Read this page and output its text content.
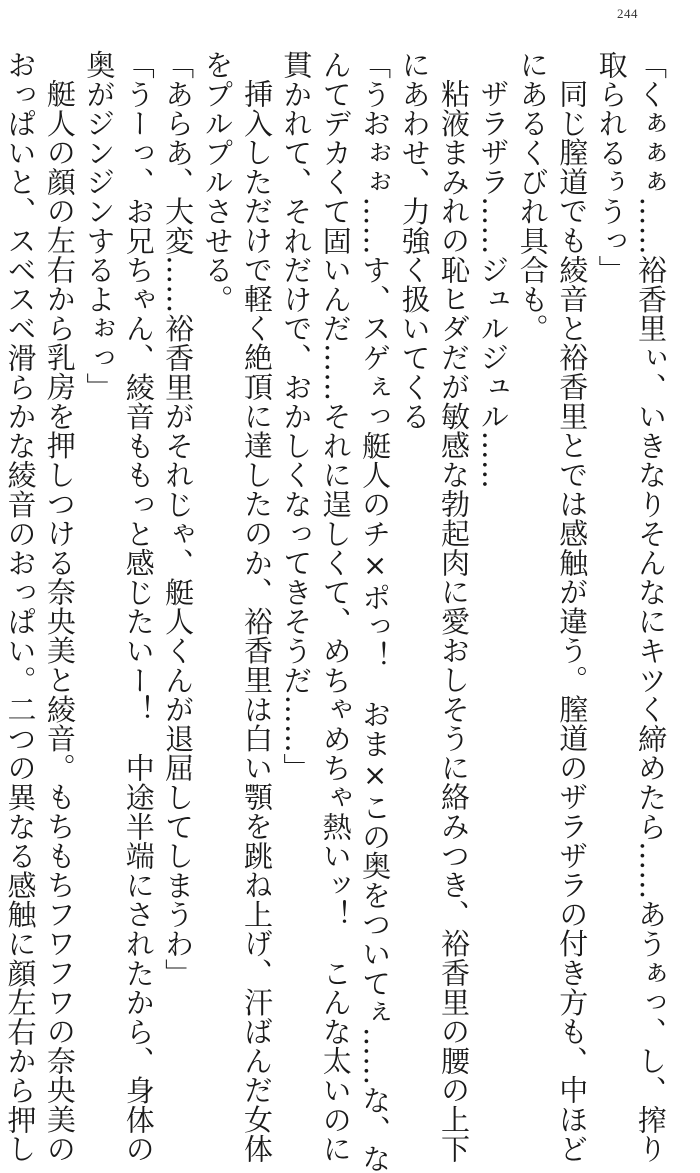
244
「くぁぁぁ……裕香里ぃ、いきなりそんなにキツく締めたら……あうぁっ、し、搾り
取られるぅうっ」
同じ膣道でも綾音と裕香里とでは感触が違う。膣道のザラザラの付き方も、中ほど
にあるくびれ具合も。
ザラザラ……ジュルジュル……
粘液まみれの恥ヒダだが敏感な勃起肉に愛おしそうに絡みつき、裕香里の腰の上下
にあわせ、力強く扱いてくる
「うおぉぉ……す、スゲぇっ艇人のチ×ポっ！　おま×この奥をついてぇ……な、な
んてデカくて固いんだ……それに逞しくて、めちゃめちゃ熱いッ！　こんな太いのに
貫かれて、それだけで、おかしくなってきそうだ……」
挿入しただけで軽く絶頂に達したのか、裕香里は白い顎を跳ね上げ、汗ばんだ女体
をプルプルさせる。
「あらあ、大変……裕香里がそれじゃ、艇人くんが退屈してしまうわ」
「うーっ、お兄ちゃん、綾音ももっと感じたいー！　中途半端にされたから、身体の
奥がジンジンするよぉっ」
艇人の顔の左右から乳房を押しつける奈央美と綾音。もちもちフワフワの奈央美の
おっぱいと、スベスベ滑らかな綾音のおっぱい。二つの異なる感触に顔左右から押し
